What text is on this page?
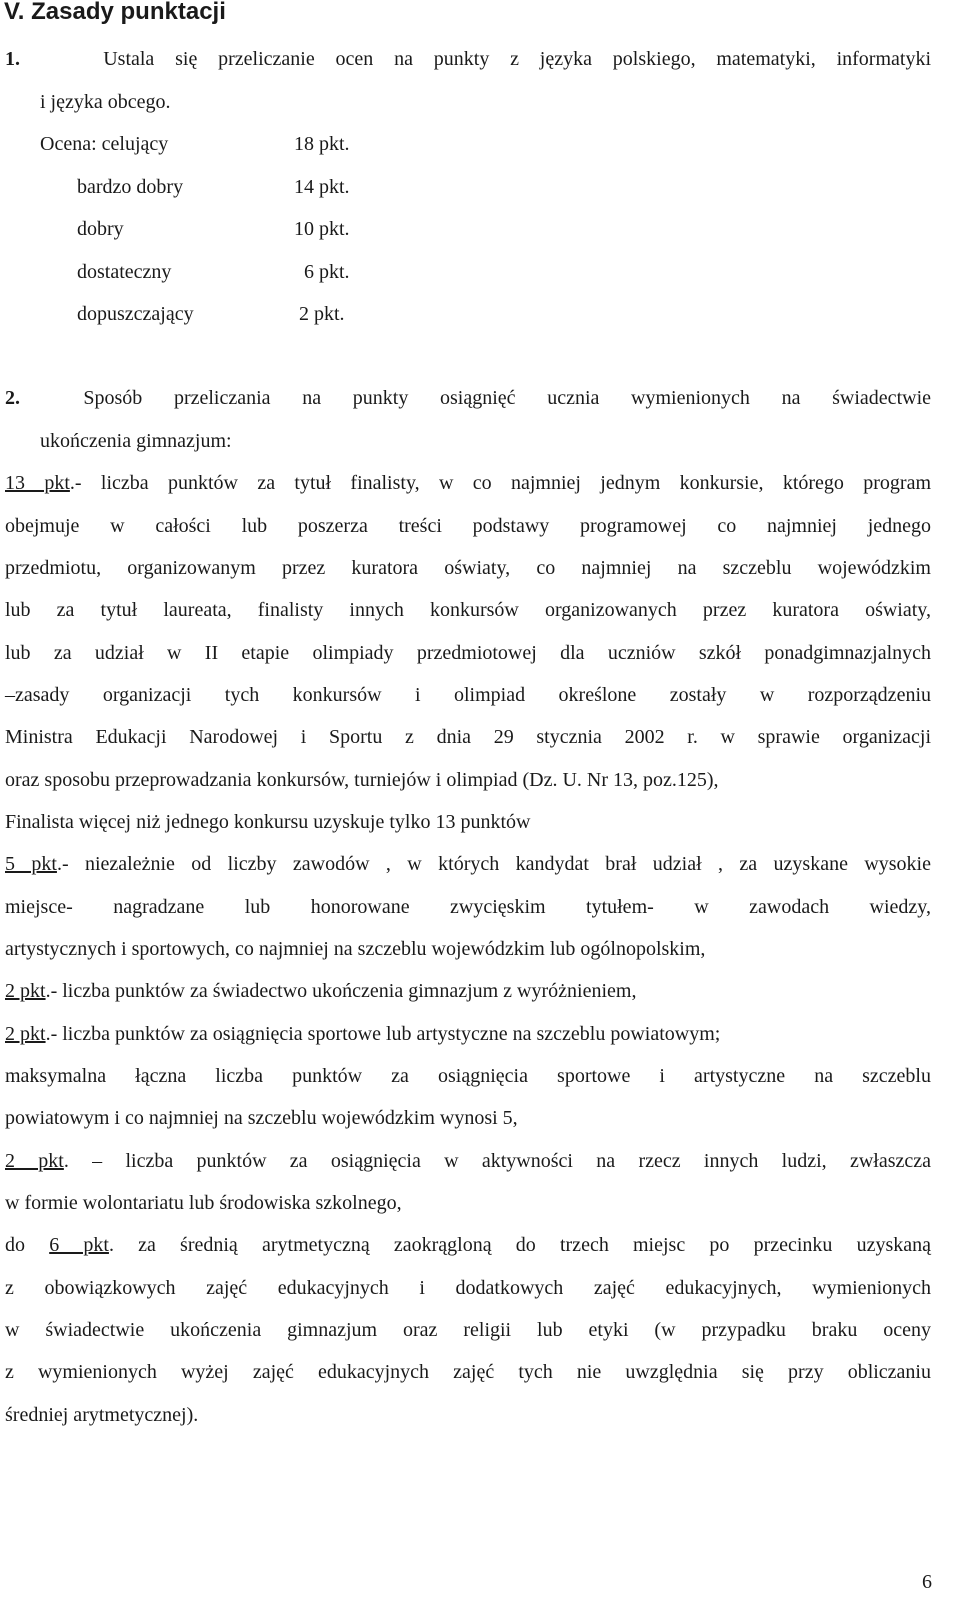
V. Zasady punktacji
1.	Ustala się przeliczanie ocen na punkty z języka polskiego, matematyki, informatyki
i języka obcego.
Ocena: celujący	18 pkt.
bardzo dobry	14 pkt.
dobry	10 pkt.
dostateczny	6 pkt.
dopuszczający	2 pkt.
2.	Sposób przeliczania na punkty osiągnięć ucznia wymienionych na świadectwie
ukończenia gimnazjum:
13 pkt.- liczba punktów za tytuł finalisty, w co najmniej jednym konkursie, którego program
obejmuje w całości lub poszerza treści podstawy programowej co najmniej jednego
przedmiotu, organizowanym przez kuratora oświaty, co najmniej na szczeblu wojewódzkim
lub za tytuł laureata, finalisty innych konkursów organizowanych przez kuratora oświaty,
lub za udział w II etapie olimpiady przedmiotowej dla uczniów szkół ponadgimnazjalnych
–zasady organizacji tych konkursów i olimpiad określone zostały w rozporządzeniu
Ministra Edukacji Narodowej i Sportu z dnia 29 stycznia 2002 r. w sprawie organizacji
oraz sposobu przeprowadzania konkursów, turniejów i olimpiad (Dz. U. Nr 13, poz.125),
Finalista więcej niż jednego konkursu uzyskuje tylko 13 punktów
5 pkt.- niezależnie od liczby zawodów , w których kandydat brał udział , za uzyskane wysokie
miejsce- nagradzane lub honorowane zwycięskim tytułem- w zawodach wiedzy,
artystycznych i sportowych, co najmniej na szczeblu wojewódzkim lub ogólnopolskim,
2 pkt.- liczba punktów za świadectwo ukończenia gimnazjum z wyróżnieniem,
2 pkt.- liczba punktów za osiągnięcia sportowe lub artystyczne na szczeblu powiatowym;
maksymalna łączna liczba punktów za osiągnięcia sportowe i artystyczne na szczeblu
powiatowym i co najmniej na szczeblu wojewódzkim wynosi 5,
2 pkt. – liczba punktów za osiągnięcia w aktywności na rzecz innych ludzi, zwłaszcza
w formie wolontariatu lub środowiska szkolnego,
do 6 pkt. za średnią arytmetyczną zaokrągloną do trzech miejsc po przecinku uzyskaną
z obowiązkowych zajęć edukacyjnych i dodatkowych zajęć edukacyjnych, wymienionych
w świadectwie ukończenia gimnazjum oraz religii lub etyki (w przypadku braku oceny
z wymienionych wyżej zajęć edukacyjnych zajęć tych nie uwzględnia się przy obliczaniu
średniej arytmetycznej).
6
